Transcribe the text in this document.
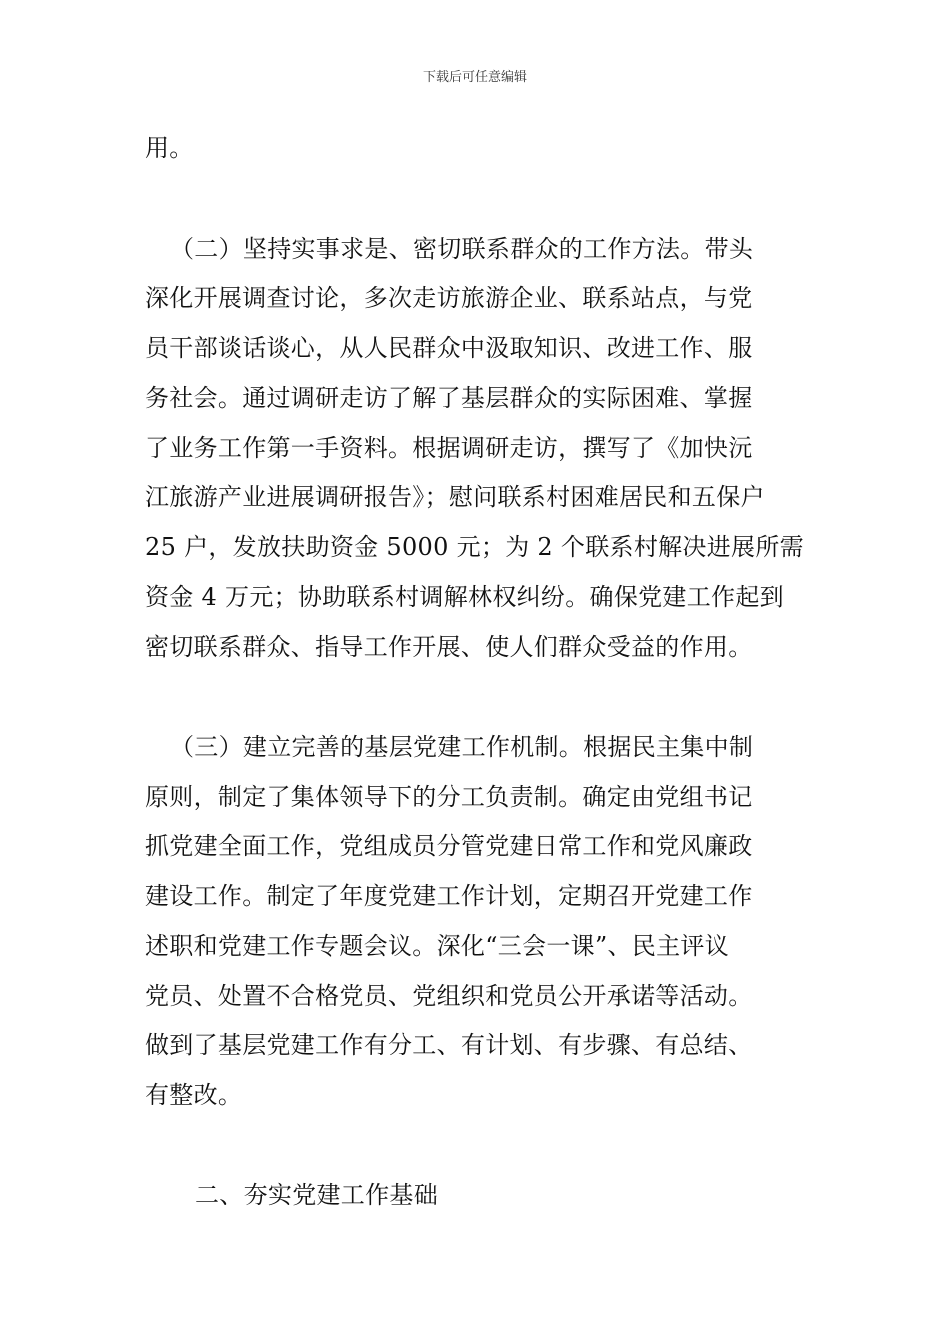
下载后可任意编辑
用。
（二）坚持实事求是、密切联系群众的工作方法。带头
深化开展调查讨论，多次走访旅游企业、联系站点，与党
员干部谈话谈心，从人民群众中汲取知识、改进工作、服
务社会。通过调研走访了解了基层群众的实际困难、掌握
了业务工作第一手资料。根据调研走访，撰写了《加快沅
江旅游产业进展调研报告》；慰问联系村困难居民和五保户
25 户，发放扶助资金 5000 元；为 2 个联系村解决进展所需
资金 4 万元；协助联系村调解林权纠纷。确保党建工作起到
密切联系群众、指导工作开展、使人们群众受益的作用。
（三）建立完善的基层党建工作机制。根据民主集中制
原则，制定了集体领导下的分工负责制。确定由党组书记
抓党建全面工作，党组成员分管党建日常工作和党风廉政
建设工作。制定了年度党建工作计划，定期召开党建工作
述职和党建工作专题会议。深化“三会一课”、民主评议
党员、处置不合格党员、党组织和党员公开承诺等活动。
做到了基层党建工作有分工、有计划、有步骤、有总结、
有整改。
二、夯实党建工作基础
